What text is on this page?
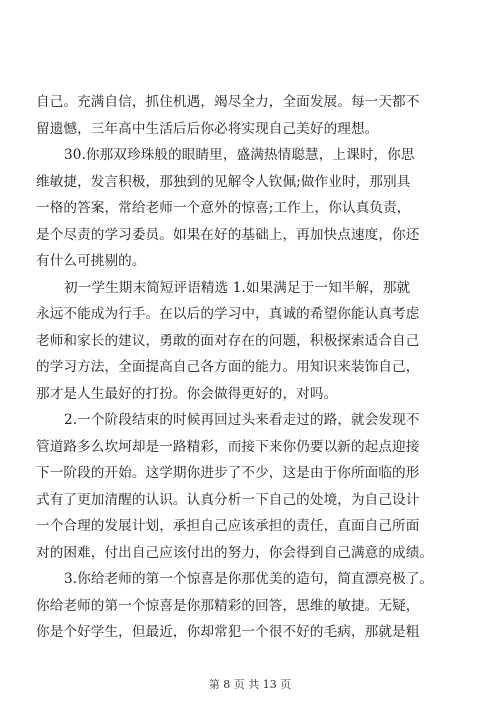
自己。充满自信，抓住机遇，竭尽全力，全面发展。每一天都不
留遗憾，三年高中生活后后你必将实现自己美好的理想。
30.你那双珍珠般的眼睛里，盛满热情聪慧，上课时，你思
维敏捷，发言积极，那独到的见解令人钦佩;做作业时，那别具
一格的答案，常给老师一个意外的惊喜;工作上，你认真负责，
是个尽责的学习委员。如果在好的基础上，再加快点速度，你还
有什么可挑剔的。
初一学生期末简短评语精选 1.如果满足于一知半解，那就
永远不能成为行手。在以后的学习中，真诚的希望你能认真考虑
老师和家长的建议，勇敢的面对存在的问题，积极探索适合自己
的学习方法，全面提高自己各方面的能力。用知识来装饰自己，
那才是人生最好的打扮。你会做得更好的，对吗。
2.一个阶段结束的时候再回过头来看走过的路，就会发现不
管道路多么坎坷却是一路精彩，而接下来你仍要以新的起点迎接
下一阶段的开始。这学期你进步了不少，这是由于你所面临的形
式有了更加清醒的认识。认真分析一下自己的处境，为自己设计
一个合理的发展计划，承担自己应该承担的责任，直面自己所面
对的困难，付出自己应该付出的努力，你会得到自己满意的成绩。
3.你给老师的第一个惊喜是你那优美的造句，简直漂亮极了。
你给老师的第一个惊喜是你那精彩的回答，思维的敏捷。无疑，
你是个好学生，但最近，你却常犯一个很不好的毛病，那就是粗
第 8 页 共 13 页
